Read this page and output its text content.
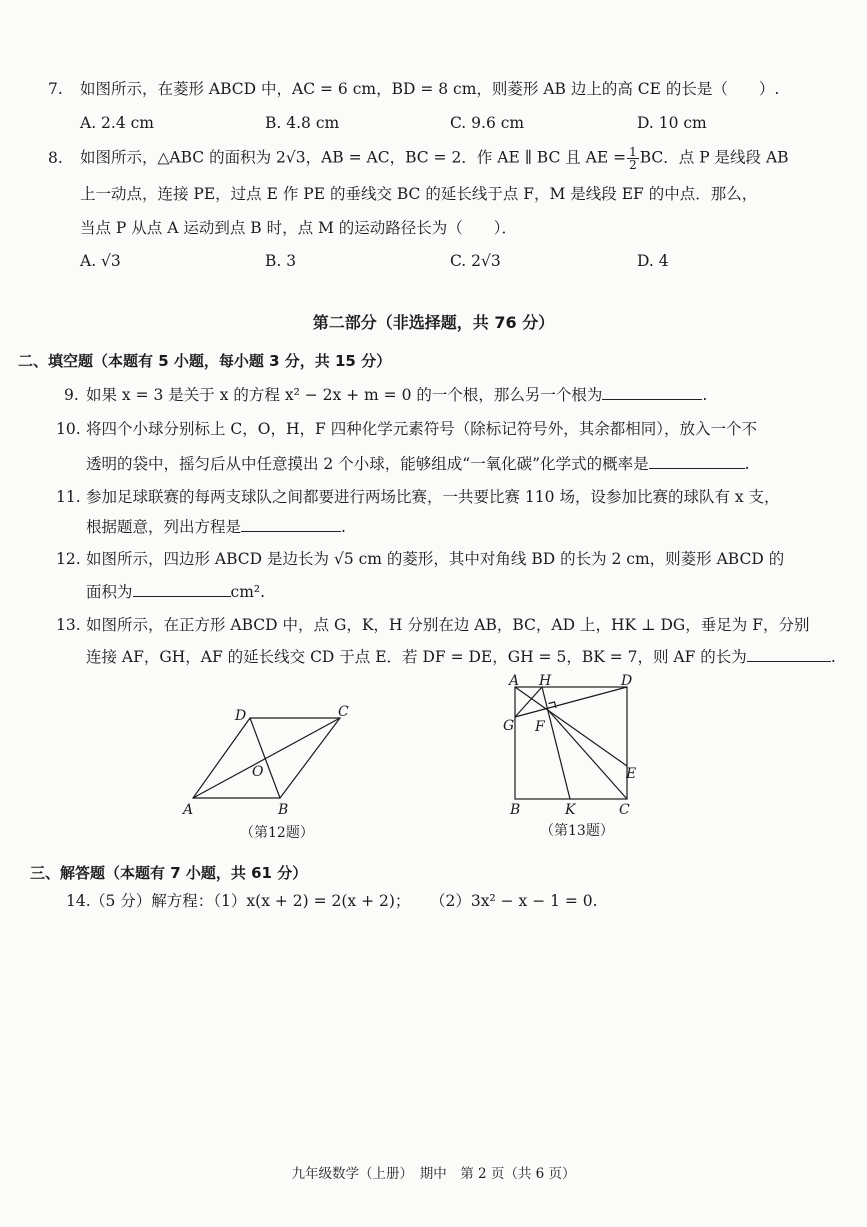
7. 如图所示，在菱形 ABCD 中，AC = 6 cm，BD = 8 cm，则菱形 AB 边上的高 CE 的长是（　　）.
A. 2.4 cm	B. 4.8 cm	C. 9.6 cm	D. 10 cm
8. 如图所示，△ABC 的面积为 2√3，AB = AC，BC = 2．作 AE ∥ BC 且 AE = $\frac{1}{2}$ BC．点 P 是线段 AB
上一动点，连接 PE，过点 E 作 PE 的垂线交 BC 的延长线于点 F，M 是线段 EF 的中点．那么，
当点 P 从点 A 运动到点 B 时，点 M 的运动路径长为（　　）．
A. √3	B. 3	C. 2√3	D. 4
第二部分（非选择题，共 76 分）
二、填空题（本题有 5 小题，每小题 3 分，共 15 分）
9. 如果 x = 3 是关于 x 的方程 x² − 2x + m = 0 的一个根，那么另一个根为	.
10. 将四个小球分别标上 C，O，H，F 四种化学元素符号（除标记符号外，其余都相同），放入一个不
透明的袋中，摇匀后从中任意摸出 2 个小球，能够组成“一氧化碳”化学式的概率是	.
11. 参加足球联赛的每两支球队之间都要进行两场比赛，一共要比赛 110 场，设参加比赛的球队有 x 支，
根据题意，列出方程是	.
12. 如图所示，四边形 ABCD 是边长为 √5 cm 的菱形，其中对角线 BD 的长为 2 cm，则菱形 ABCD 的
面积为	cm².
13. 如图所示，在正方形 ABCD 中，点 G，K，H 分别在边 AB，BC，AD 上，HK ⊥ DG，垂足为 F，分别
连接 AF，GH，AF 的延长线交 CD 于点 E．若 DF = DE，GH = 5，BK = 7，则 AF 的长为	.
A	B
C
D
O
（第12题）
A H	D
G F
E
B	K	C
（第13题）
三、解答题（本题有 7 小题，共 61 分）
14.（5 分）解方程：（1）x(x + 2) = 2(x + 2)； （2）3x² − x − 1 = 0.
九年级数学（上册）　期中　第 2 页（共 6 页）
